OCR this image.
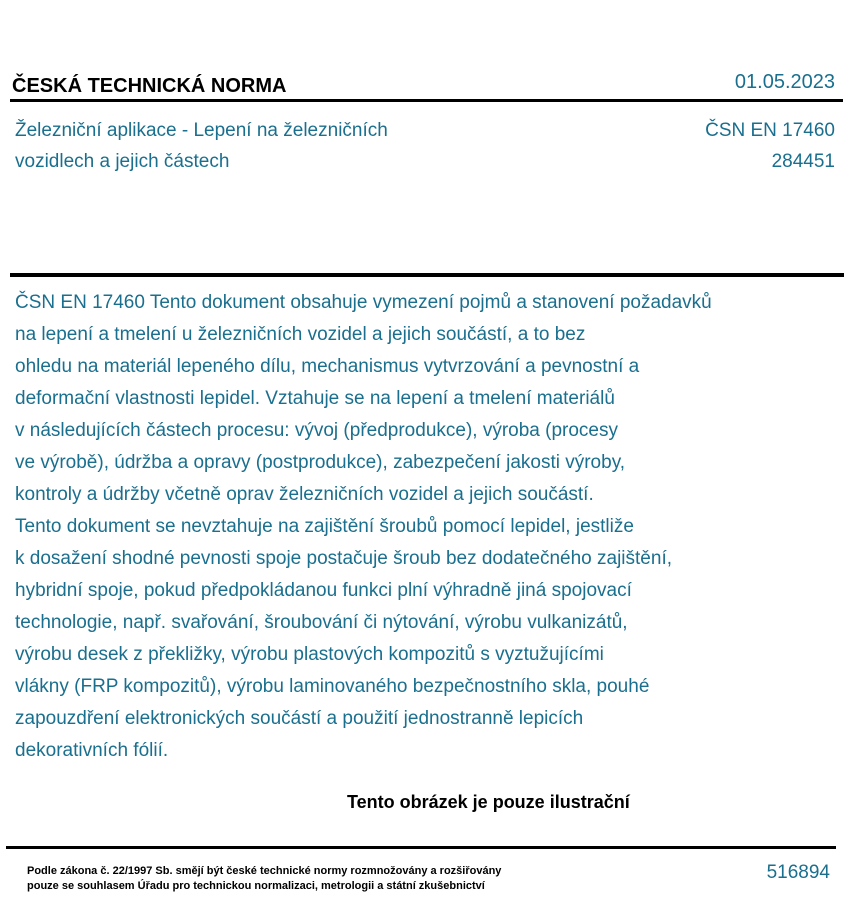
ČESKÁ TECHNICKÁ NORMA	01.05.2023
Železniční aplikace - Lepení na železničních
vozidlech a jejich částech
ČSN EN 17460
284451
ČSN EN 17460 Tento dokument obsahuje vymezení pojmů a stanovení požadavků
na lepení a tmelení u železničních vozidel a jejich součástí, a to bez
ohledu na materiál lepeného dílu, mechanismus vytvrzování a pevnostní a
deformační vlastnosti lepidel. Vztahuje se na lepení a tmelení materiálů
v následujících částech procesu: vývoj (předprodukce), výroba (procesy
ve výrobě), údržba a opravy (postprodukce), zabezpečení jakosti výroby,
kontroly a údržby včetně oprav železničních vozidel a jejich součástí.
Tento dokument se nevztahuje na zajištění šroubů pomocí lepidel, jestliže
k dosažení shodné pevnosti spoje postačuje šroub bez dodatečného zajištění,
hybridní spoje, pokud předpokládanou funkci plní výhradně jiná spojovací
technologie, např. svařování, šroubování či nýtování, výrobu vulkanizátů,
výrobu desek z překližky, výrobu plastových kompozitů s vyztužujícími
vlákny (FRP kompozitů), výrobu laminovaného bezpečnostního skla, pouhé
zapouzdření elektronických součástí a použití jednostranně lepicích
dekorativních fólií.
Tento obrázek je pouze ilustrační
Podle zákona č. 22/1997 Sb. smějí být české technické normy rozmnožovány a rozšiřovány
pouze se souhlasem Úřadu pro technickou normalizaci, metrologii a státní zkušebnictví
516894
